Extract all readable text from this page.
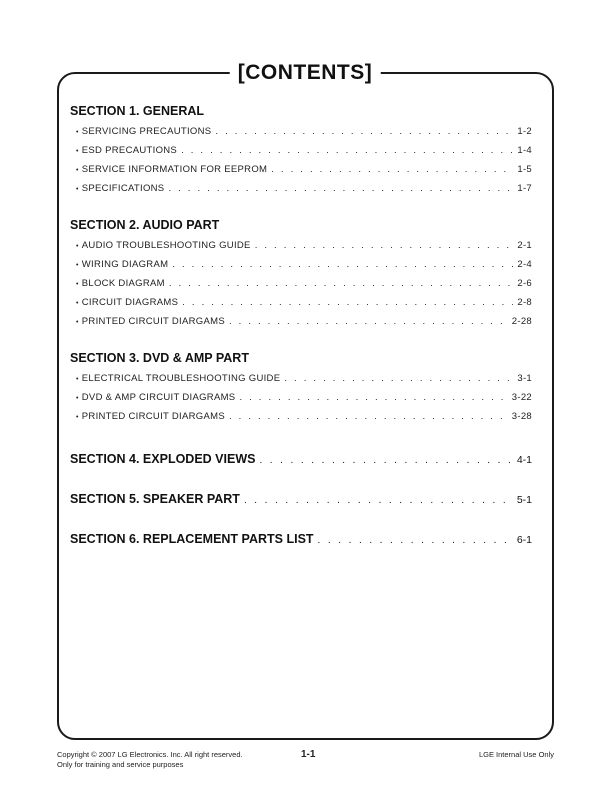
[CONTENTS]
SECTION 1. GENERAL
• SERVICING PRECAUTIONS . . .	1-2
• ESD PRECAUTIONS . . .	1-4
• SERVICE INFORMATION FOR EEPROM . . .	1-5
• SPECIFICATIONS . . .	1-7
SECTION 2. AUDIO PART
• AUDIO TROUBLESHOOTING GUIDE . . .	2-1
• WIRING DIAGRAM . . .	2-4
• BLOCK DIAGRAM . . .	2-6
• CIRCUIT DIAGRAMS . . .	2-8
• PRINTED CIRCUIT DIARGAMS . . .	2-28
SECTION 3. DVD & AMP PART
• ELECTRICAL TROUBLESHOOTING GUIDE . . .	3-1
• DVD & AMP CIRCUIT DIAGRAMS . . .	3-22
• PRINTED CIRCUIT DIARGAMS . . .	3-28
SECTION 4. EXPLODED VIEWS . . .	4-1
SECTION 5. SPEAKER PART . . .	5-1
SECTION 6. REPLACEMENT PARTS LIST . . .	6-1
Copyright © 2007 LG Electronics. Inc. All right reserved.
Only for training and service purposes
1-1	LGE Internal Use Only
